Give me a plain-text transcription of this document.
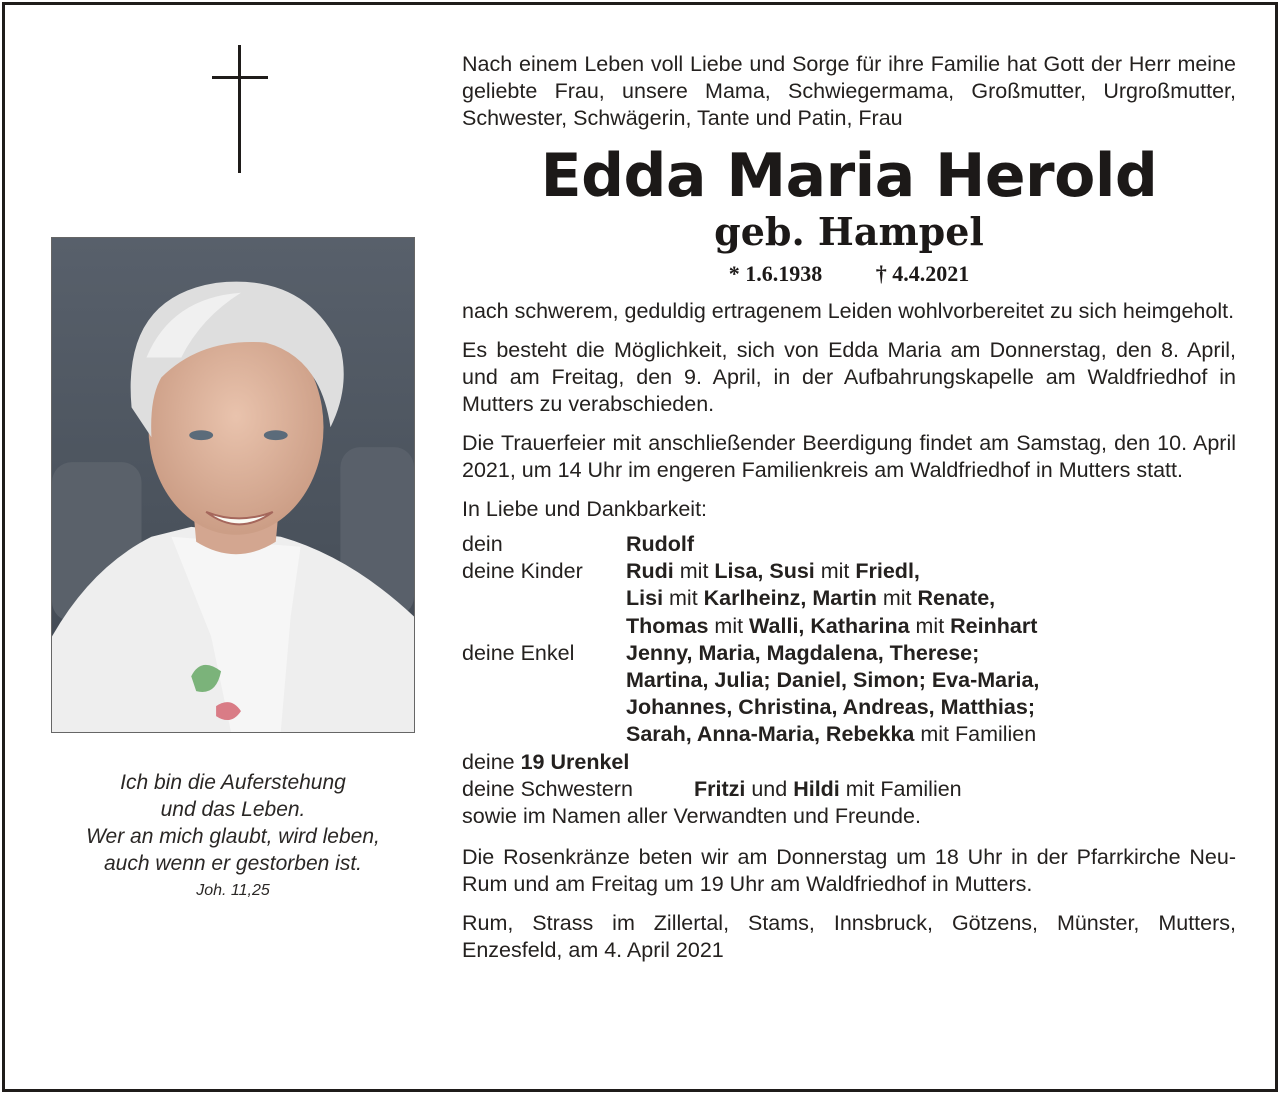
Ich bin die Auferstehung
und das Leben.
Wer an mich glaubt, wird leben,
auch wenn er gestorben ist.
Joh. 11,25

Nach einem Leben voll Liebe und Sorge für ihre Familie hat Gott der Herr meine geliebte Frau, unsere Mama, Schwiegermama, Großmutter, Urgroßmutter, Schwester, Schwägerin, Tante und Patin, Frau

Edda Maria Herold
geb. Hampel
* 1.6.1938 † 4.4.2021

nach schwerem, geduldig ertragenem Leiden wohlvorbereitet zu sich heimgeholt.

Es besteht die Möglichkeit, sich von Edda Maria am Donnerstag, den 8. April, und am Freitag, den 9. April, in der Aufbahrungskapelle am Waldfriedhof in Mutters zu verabschieden.

Die Trauerfeier mit anschließender Beerdigung findet am Samstag, den 10. April 2021, um 14 Uhr im engeren Familienkreis am Waldfriedhof in Mutters statt.

In Liebe und Dankbarkeit:

dein	Rudolf
deine Kinder	Rudi mit Lisa, Susi mit Friedl,
Lisi mit Karlheinz, Martin mit Renate,
Thomas mit Walli, Katharina mit Reinhart
deine Enkel	Jenny, Maria, Magdalena, Therese;
Martina, Julia; Daniel, Simon; Eva-Maria,
Johannes, Christina, Andreas, Matthias;
Sarah, Anna-Maria, Rebekka mit Familien
deine 19 Urenkel
deine Schwestern	Fritzi und Hildi mit Familien
sowie im Namen aller Verwandten und Freunde.

Die Rosenkränze beten wir am Donnerstag um 18 Uhr in der Pfarrkirche Neu-Rum und am Freitag um 19 Uhr am Waldfriedhof in Mutters.

Rum, Strass im Zillertal, Stams, Innsbruck, Götzens, Münster, Mutters, Enzesfeld, am 4. April 2021
